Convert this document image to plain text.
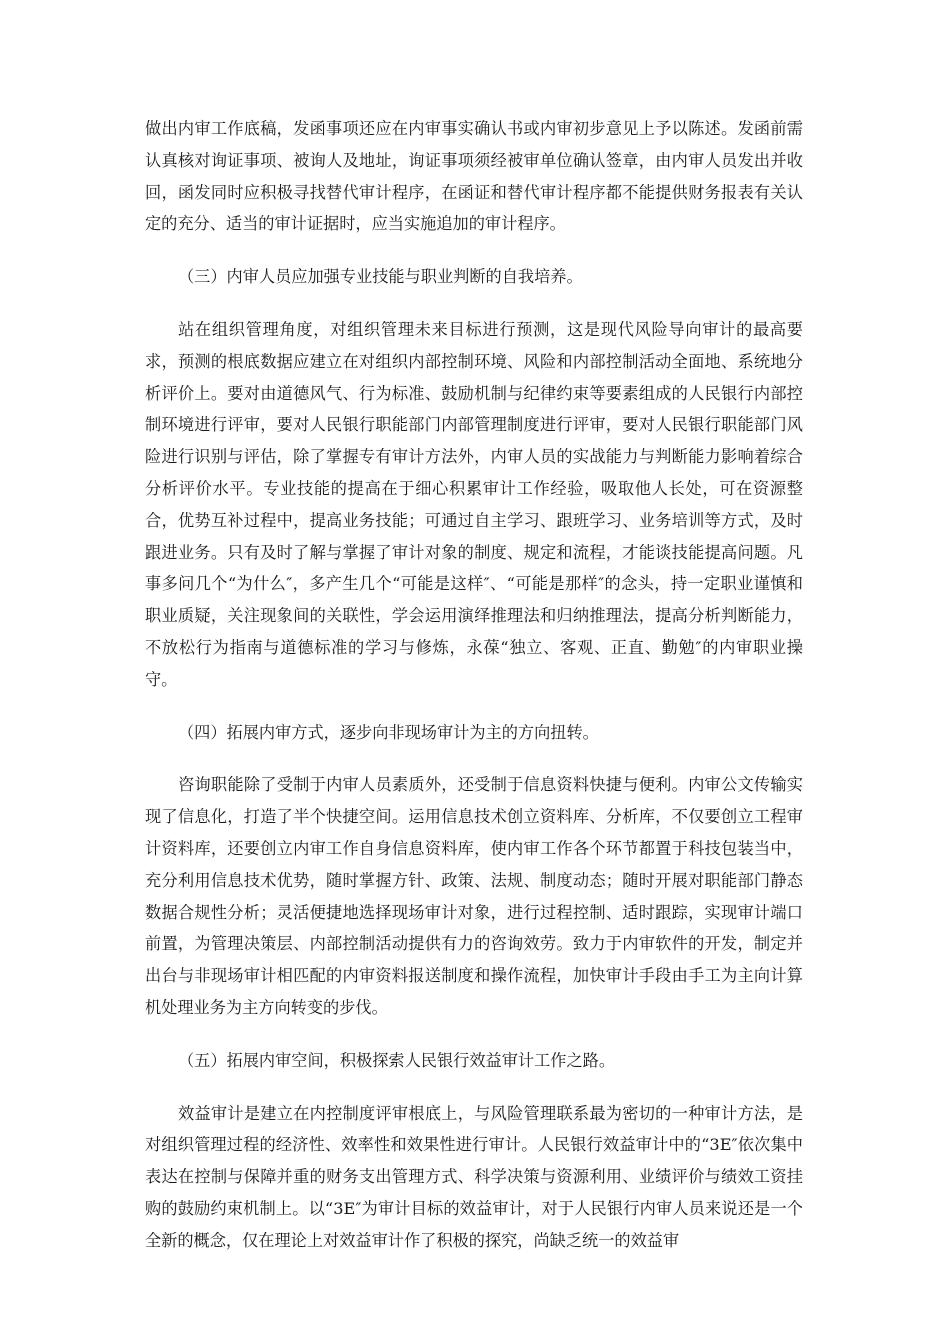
做出内审工作底稿，发函事项还应在内审事实确认书或内审初步意见上予以陈述。发函前需认真核对询证事项、被询人及地址，询证事项须经被审单位确认签章，由内审人员发出并收回，函发同时应积极寻找替代审计程序，在函证和替代审计程序都不能提供财务报表有关认定的充分、适当的审计证据时，应当实施追加的审计程序。

（三）内审人员应加强专业技能与职业判断的自我培养。

站在组织管理角度，对组织管理未来目标进行预测，这是现代风险导向审计的最高要求，预测的根底数据应建立在对组织内部控制环境、风险和内部控制活动全面地、系统地分析评价上。要对由道德风气、行为标准、鼓励机制与纪律约束等要素组成的人民银行内部控制环境进行评审，要对人民银行职能部门内部管理制度进行评审，要对人民银行职能部门风险进行识别与评估，除了掌握专有审计方法外，内审人员的实战能力与判断能力影响着综合分析评价水平。专业技能的提高在于细心积累审计工作经验，吸取他人长处，可在资源整合，优势互补过程中，提高业务技能；可通过自主学习、跟班学习、业务培训等方式，及时跟进业务。只有及时了解与掌握了审计对象的制度、规定和流程，才能谈技能提高问题。凡事多问几个“为什么″，多产生几个“可能是这样″、“可能是那样″的念头，持一定职业谨慎和职业质疑，关注现象间的关联性，学会运用演绎推理法和归纳推理法，提高分析判断能力，不放松行为指南与道德标准的学习与修炼，永葆“独立、客观、正直、勤勉″的内审职业操守。

（四）拓展内审方式，逐步向非现场审计为主的方向扭转。

咨询职能除了受制于内审人员素质外，还受制于信息资料快捷与便利。内审公文传输实现了信息化，打造了半个快捷空间。运用信息技术创立资料库、分析库，不仅要创立工程审计资料库，还要创立内审工作自身信息资料库，使内审工作各个环节都置于科技包装当中，充分利用信息技术优势，随时掌握方针、政策、法规、制度动态；随时开展对职能部门静态数据合规性分析；灵活便捷地选择现场审计对象，进行过程控制、适时跟踪，实现审计端口前置，为管理决策层、内部控制活动提供有力的咨询效劳。致力于内审软件的开发，制定并出台与非现场审计相匹配的内审资料报送制度和操作流程，加快审计手段由手工为主向计算机处理业务为主方向转变的步伐。

（五）拓展内审空间，积极探索人民银行效益审计工作之路。

效益审计是建立在内控制度评审根底上，与风险管理联系最为密切的一种审计方法，是对组织管理过程的经济性、效率性和效果性进行审计。人民银行效益审计中的“3E″依次集中表达在控制与保障并重的财务支出管理方式、科学决策与资源利用、业绩评价与绩效工资挂购的鼓励约束机制上。以“3E″为审计目标的效益审计，对于人民银行内审人员来说还是一个全新的概念，仅在理论上对效益审计作了积极的探究，尚缺乏统一的效益审
